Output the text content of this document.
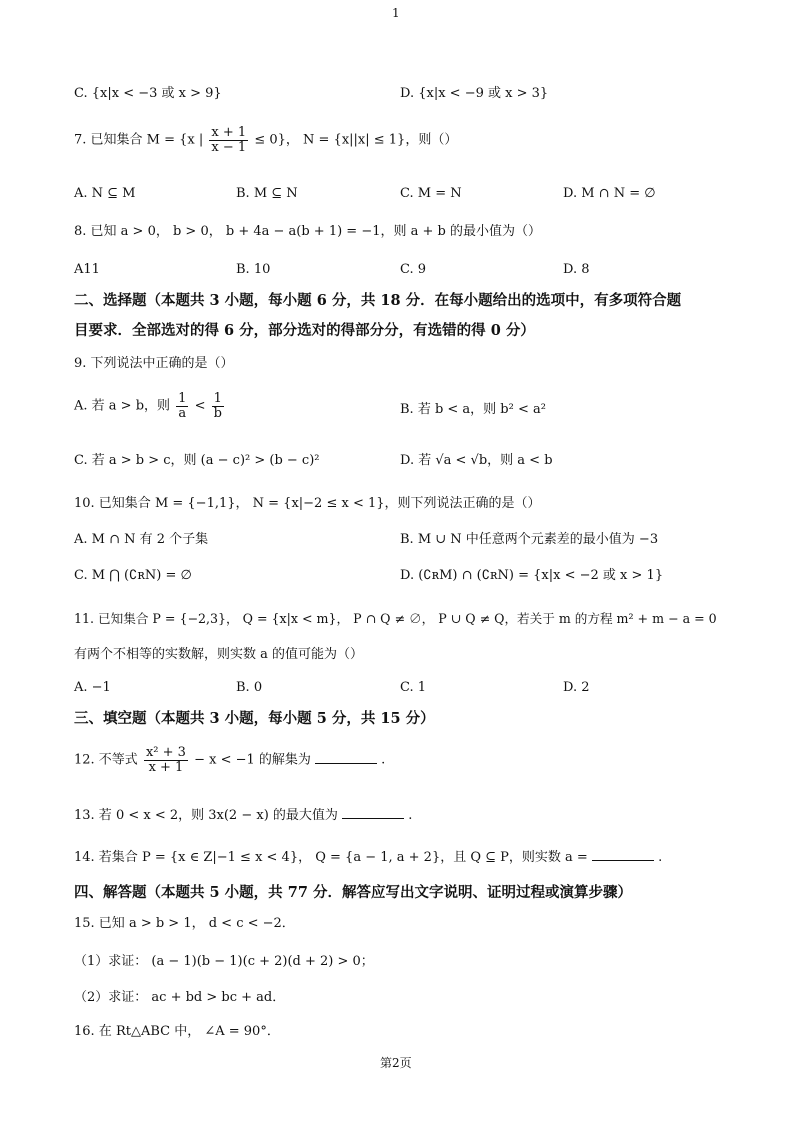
1
C. {x|x < −3 或 x > 9}	D. {x|x < −9 或 x > 3}
7. 已知集合 M = {x | $\frac{x + 1}{x - 1} \le 0$}， N = {x||x| ≤ 1}，则（）
A. N ⊆ M	B. M ⊆ N	C. M = N	D. M ∩ N = ∅
8. 已知 a > 0， b > 0， b + 4a − a(b + 1) = −1，则 a + b 的最小值为（）
A11	B. 10	C. 9	D. 8
二、选择题（本题共 3 小题，每小题 6 分，共 18 分．在每小题给出的选项中，有多项符合题
目要求．全部选对的得 6 分，部分选对的得部分分，有选错的得 0 分）
9. 下列说法中正确的是（）
A. 若 a > b，则 $\frac{1}{a} < \frac{1}{b}$	B. 若 b < a，则 b² < a²
C. 若 a > b > c，则 (a − c)² > (b − c)²	D. 若 √a < √b，则 a < b
10. 已知集合 M = {−1,1}， N = {x|−2 ≤ x < 1}，则下列说法正确的是（）
A. M ∩ N 有 2 个子集	B. M ∪ N 中任意两个元素差的最小值为 −3
C. M ⋂ (∁ʀN) = ∅	D. (∁ʀM) ∩ (∁ʀN) = {x|x < −2 或 x > 1}
11. 已知集合 P = {−2,3}， Q = {x|x < m}， P ∩ Q ≠ ∅， P ∪ Q ≠ Q，若关于 m 的方程 m² + m − a = 0
有两个不相等的实数解，则实数 a 的值可能为（）
A. −1	B. 0	C. 1	D. 2
三、填空题（本题共 3 小题，每小题 5 分，共 15 分）
12. 不等式 $\frac{\text{x² + 3}}{x + 1} - x < -1$ 的解集为	.
13. 若 0 < x < 2，则 3x(2 − x) 的最大值为	.
14. 若集合 P = {x ∈ Z|−1 ≤ x < 4}， Q = {a − 1, a + 2}，且 Q ⊆ P，则实数 a =	.
四、解答题（本题共 5 小题，共 77 分．解答应写出文字说明、证明过程或演算步骤）
15. 已知 a > b > 1， d < c < −2．
（1）求证： (a − 1)(b − 1)(c + 2)(d + 2) > 0；
（2）求证： ac + bd > bc + ad．
16. 在 Rt△ABC 中， ∠A = 90°．
第2页
